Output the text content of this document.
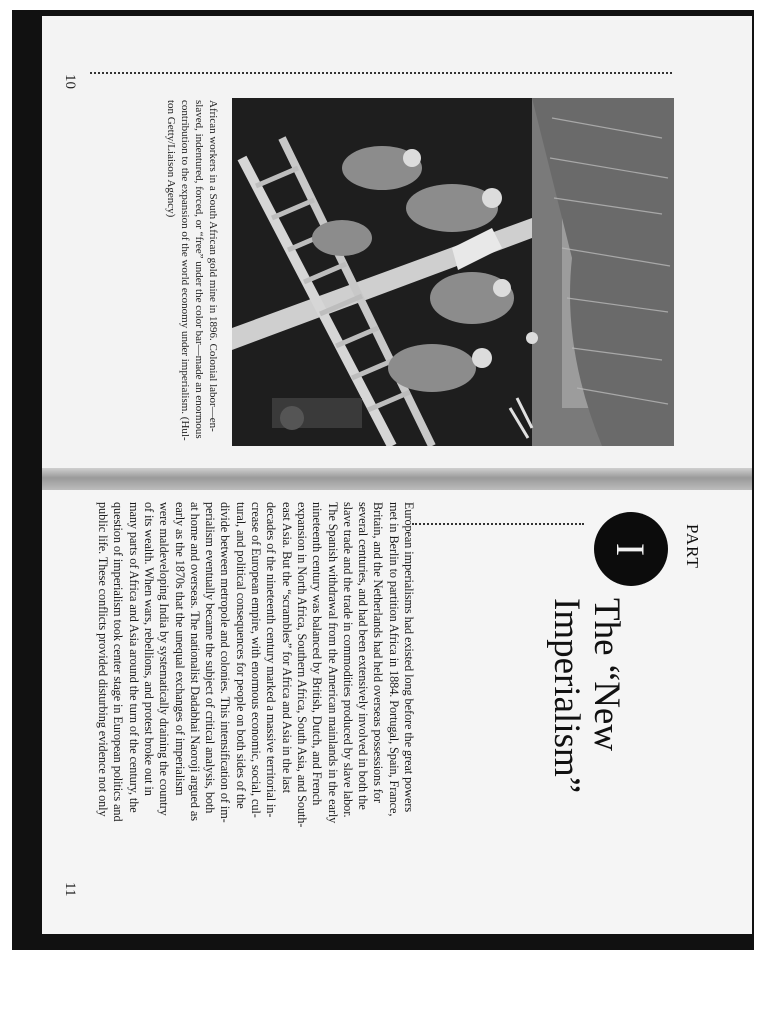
10
African workers in a South African gold mine in 1896. Colonial labor—en-
slaved, indentured, forced, or “free” under the color bar—made an enormous
contribution to the expansion of the world economy under imperialism. (Hul-
ton Getty/Liaison Agency)
PART
I
The “New
Imperialism”
European imperialisms had existed long before the great powers
met in Berlin to partition Africa in 1884. Portugal, Spain, France,
Britain, and the Netherlands had held overseas possessions for
several centuries, and had been extensively involved in both the
slave trade and the trade in commodities produced by slave labor.
The Spanish withdrawal from the American mainlands in the early
nineteenth century was balanced by British, Dutch, and French
expansion in North Africa, Southern Africa, South Asia, and South-
east Asia. But the “scrambles” for Africa and Asia in the last
decades of the nineteenth century marked a massive territorial in-
crease of European empire, with enormous economic, social, cul-
tural, and political consequences for people on both sides of the
divide between metropole and colonies. This intensification of im-
perialism eventually became the subject of critical analysis, both
at home and overseas. The nationalist Dadabhai Naoroji argued as
early as the 1870s that the unequal exchanges of imperialism
were maldeveloping India by systematically draining the country
of its wealth. When wars, rebellions, and protest broke out in
many parts of Africa and Asia around the turn of the century, the
question of imperialism took center stage in European politics and
public life. These conflicts provided disturbing evidence not only
11
